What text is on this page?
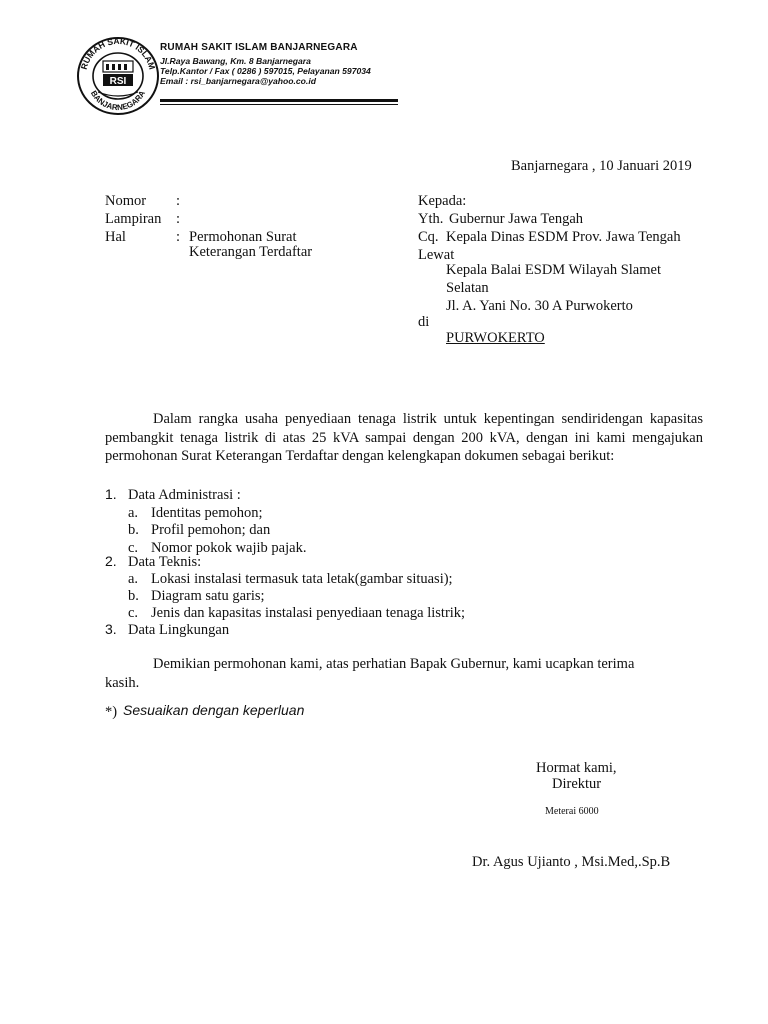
RUMAH SAKIT ISLAM
BANJARNEGARA
RSI
RUMAH SAKIT ISLAM BANJARNEGARA
Jl.Raya Bawang, Km. 8 Banjarnegara
Telp.Kantor / Fax ( 0286 ) 597015, Pelayanan 597034
Email : rsi_banjarnegara@yahoo.co.id
Banjarnegara , 10 Januari 2019
Nomor :
Lampiran :
Hal	: Permohonan Surat
Keterangan Terdaftar
Kepada:
Yth. Gubernur Jawa Tengah
Cq. Kepala Dinas ESDM Prov. Jawa Tengah
Lewat
Kepala Balai ESDM Wilayah Slamet
Selatan
Jl. A. Yani No. 30 A Purwokerto
di
PURWOKERTO
Dalam rangka usaha penyediaan tenaga listrik untuk kepentingan sendiridengan kapasitas pembangkit tenaga listrik di atas 25 kVA sampai dengan 200 kVA, dengan ini kami mengajukan permohonan Surat Keterangan Terdaftar dengan kelengkapan dokumen sebagai berikut:
1. Data Administrasi :
a. Identitas pemohon;
b. Profil pemohon; dan
c. Nomor pokok wajib pajak.
2. Data Teknis:
a. Lokasi instalasi termasuk tata letak(gambar situasi);
b. Diagram satu garis;
c. Jenis dan kapasitas instalasi penyediaan tenaga listrik;
3. Data Lingkungan
Demikian permohonan kami, atas perhatian Bapak Gubernur, kami ucapkan terima kasih.
*) Sesuaikan dengan keperluan
Hormat kami,
Direktur
Meterai 6000
Dr. Agus Ujianto , Msi.Med,.Sp.B
